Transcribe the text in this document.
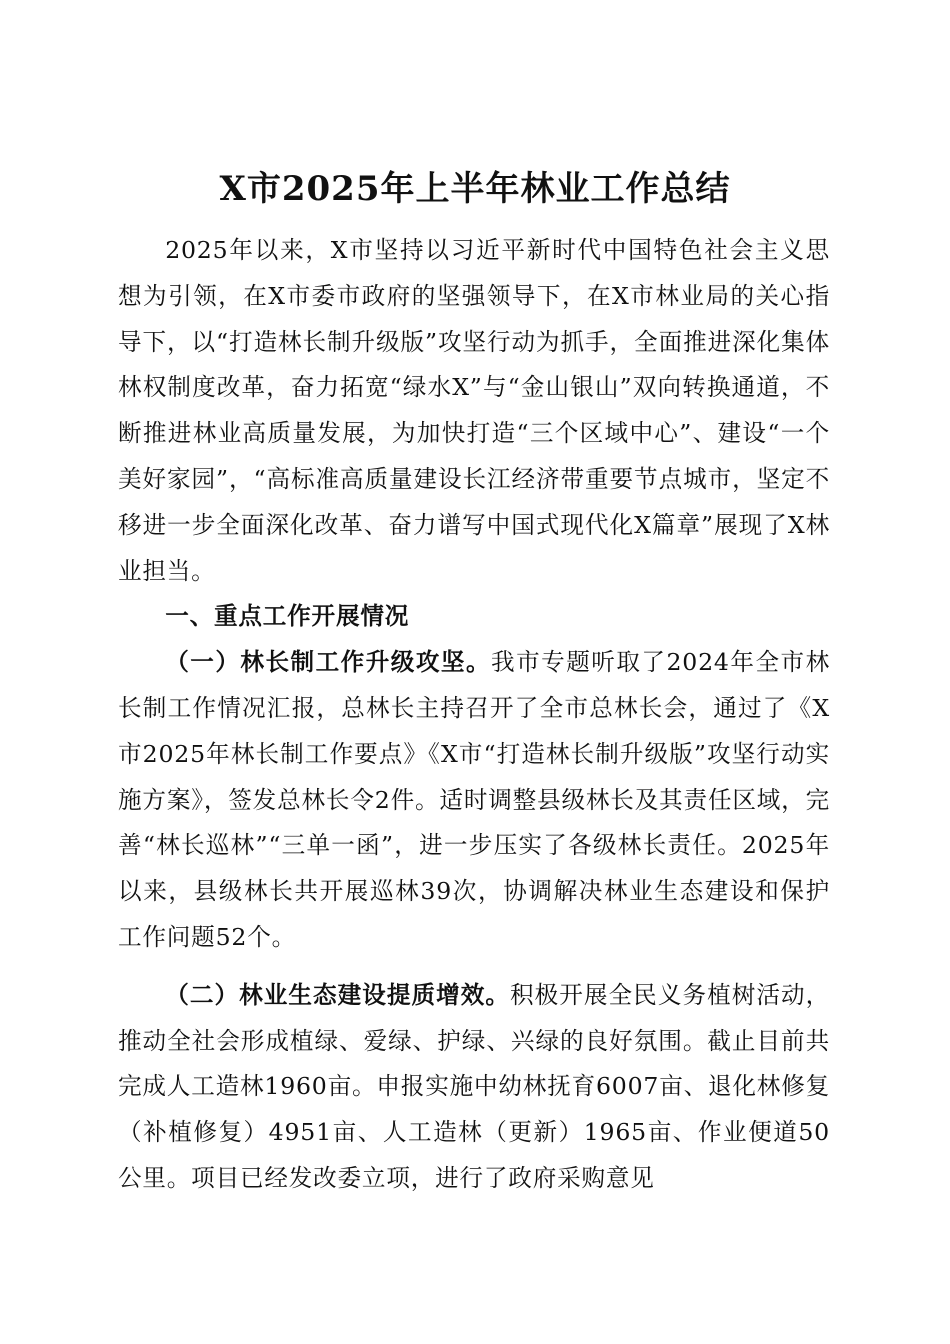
X市2025年上半年林业工作总结

2025年以来，X市坚持以习近平新时代中国特色社会主义思想为引领，在X市委市政府的坚强领导下，在X市林业局的关心指导下，以“打造林长制升级版”攻坚行动为抓手，全面推进深化集体林权制度改革，奋力拓宽“绿水X”与“金山银山”双向转换通道，不断推进林业高质量发展，为加快打造“三个区域中心”、建设“一个美好家园”，“高标准高质量建设长江经济带重要节点城市，坚定不移进一步全面深化改革、奋力谱写中国式现代化X篇章”展现了X林业担当。

一、重点工作开展情况

（一）林长制工作升级攻坚。我市专题听取了2024年全市林长制工作情况汇报，总林长主持召开了全市总林长会，通过了《X市2025年林长制工作要点》《X市“打造林长制升级版”攻坚行动实施方案》，签发总林长令2件。适时调整县级林长及其责任区域，完善“林长巡林”“三单一函”，进一步压实了各级林长责任。2025年以来，县级林长共开展巡林39次，协调解决林业生态建设和保护工作问题52个。

（二）林业生态建设提质增效。积极开展全民义务植树活动，推动全社会形成植绿、爱绿、护绿、兴绿的良好氛围。截止目前共完成人工造林1960亩。申报实施中幼林抚育6007亩、退化林修复（补植修复）4951亩、人工造林（更新）1965亩、作业便道50公里。项目已经发改委立项，进行了政府采购意见
